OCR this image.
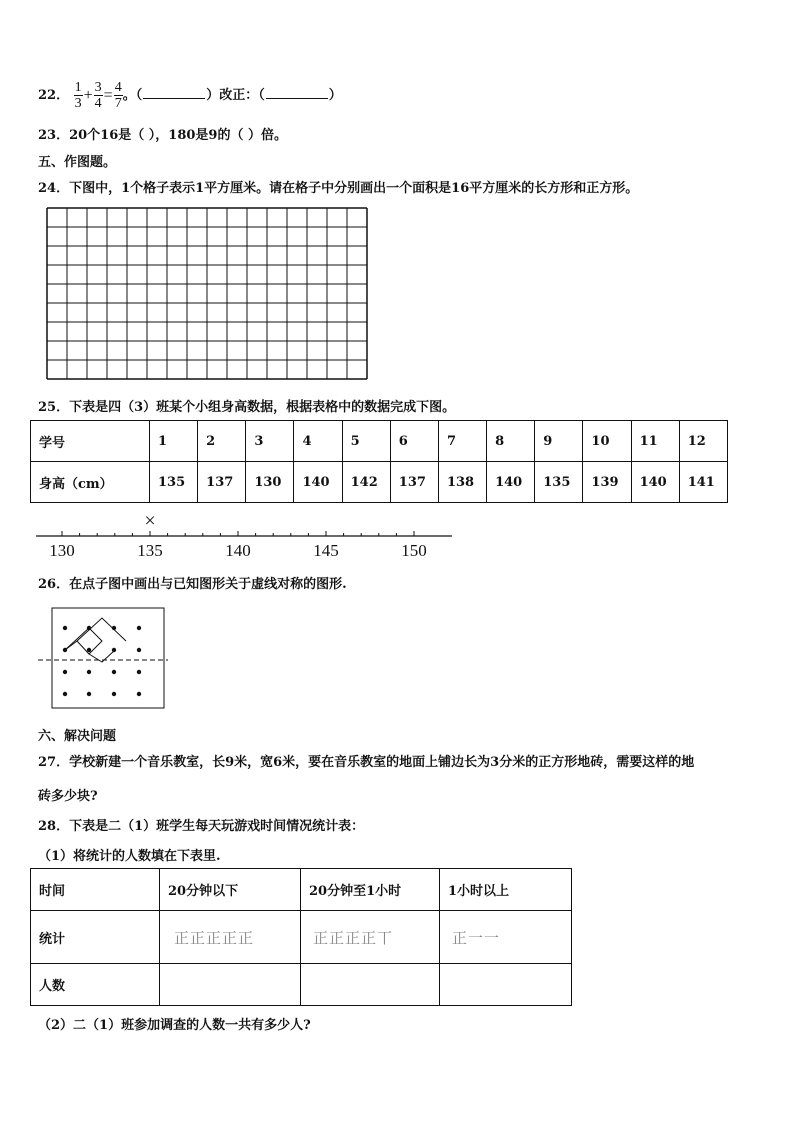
22． $\frac{1}{3} + \frac{3}{4} = \frac{4}{7}$ 。（	）改正：（	）
23．20个16是（ ），180是9的（ ）倍。
五、作图题。
24．下图中，1个格子表示1平方厘米。请在格子中分别画出一个面积是16平方厘米的长方形和正方形。
25．下表是四（3）班某个小组身高数据，根据表格中的数据完成下图。
学号	1	2	3	4	5	6	7	8	9	10	11	12
身高（cm）	135	137	130	140	142	137	138	140	135	139	140	141
130	135	140	145	150
×
26．在点子图中画出与已知图形关于虚线对称的图形.
六、解决问题
27．学校新建一个音乐教室，长9米，宽6米，要在音乐教室的地面上铺边长为3分米的正方形地砖，需要这样的地
砖多少块?
28．下表是二（1）班学生每天玩游戏时间情况统计表：
（1）将统计的人数填在下表里.
时间	20分钟以下	20分钟至1小时	1小时以上
统计	正正正正正	正正正正丅	正一一
人数			
（2）二（1）班参加调查的人数一共有多少人?
